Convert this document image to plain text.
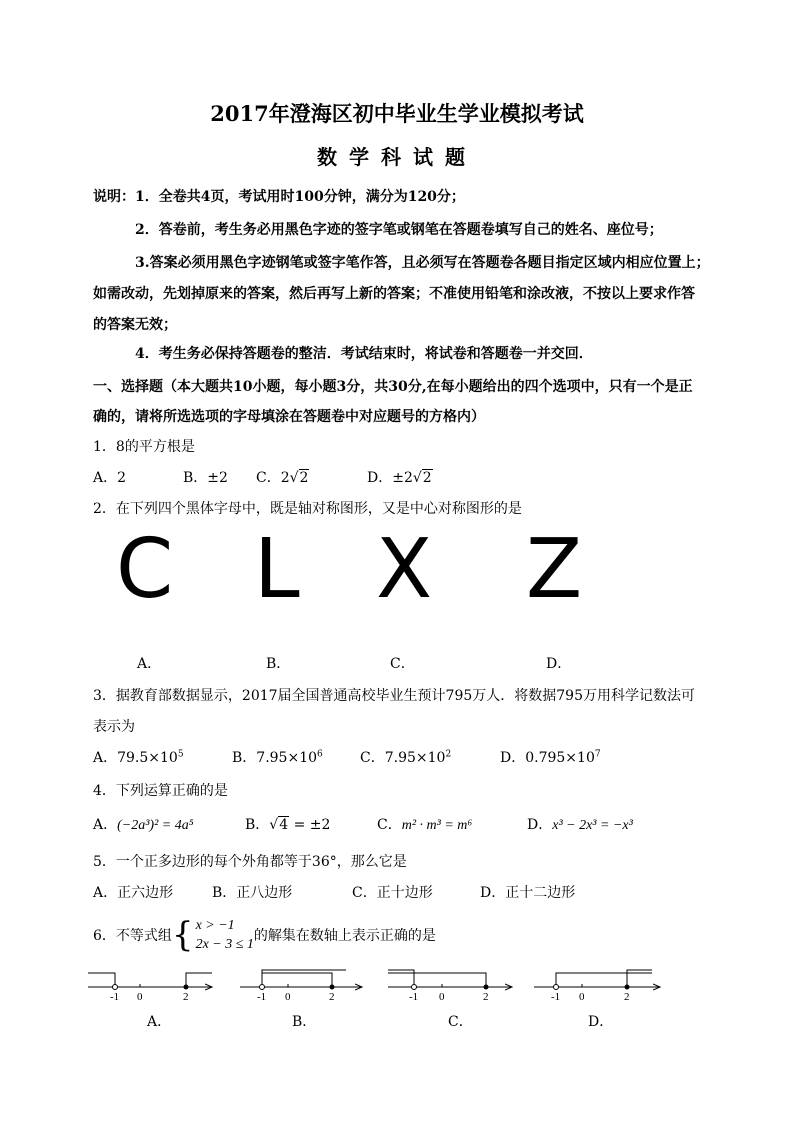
2017年澄海区初中毕业生学业模拟考试
数学科试题
说明：1．全卷共4页，考试用时100分钟，满分为120分；
2．答卷前，考生务必用黑色字迹的签字笔或钢笔在答题卷填写自己的姓名、座位号；
3.答案必须用黑色字迹钢笔或签字笔作答，且必须写在答题卷各题目指定区域内相应位置上；
如需改动，先划掉原来的答案，然后再写上新的答案；不准使用铅笔和涂改液，不按以上要求作答
的答案无效；
4．考生务必保持答题卷的整洁．考试结束时，将试卷和答题卷一并交回．
一、选择题（本大题共10小题，每小题3分，共30分,在每小题给出的四个选项中，只有一个是正
确的，请将所选选项的字母填涂在答题卷中对应题号的方格内）
1．8的平方根是
A．2	B．±2 C．2√2	D．±2√2
2．在下列四个黑体字母中，既是轴对称图形，又是中心对称图形的是
C L X Z
A．	B．	C．	D．
3．据教育部数据显示，2017届全国普通高校毕业生预计795万人．将数据795万用科学记数法可
表示为
A．$79.5\times 10^5$	B．$7.95\times 10^6$	C．$7.95\times 10^2$	D．$0.795\times 10^7$
4．下列运算正确的是
A．(−2a³)² = 4a⁵	B．√4 = ±2	C．m² · m³ = m⁶	D．x³ − 2x³ = −x³
5．一个正多边形的每个外角都等于36°，那么它是
A．正六边形	B．正八边形	C．正十边形	D．正十二边形
6．不等式组{ x > −1
2x − 3 ≤ 1的解集在数轴上表示正确的是
-1 0	2	-1 0	2	-1 0	2	-1 0	2
A．	B．	C．	D．
